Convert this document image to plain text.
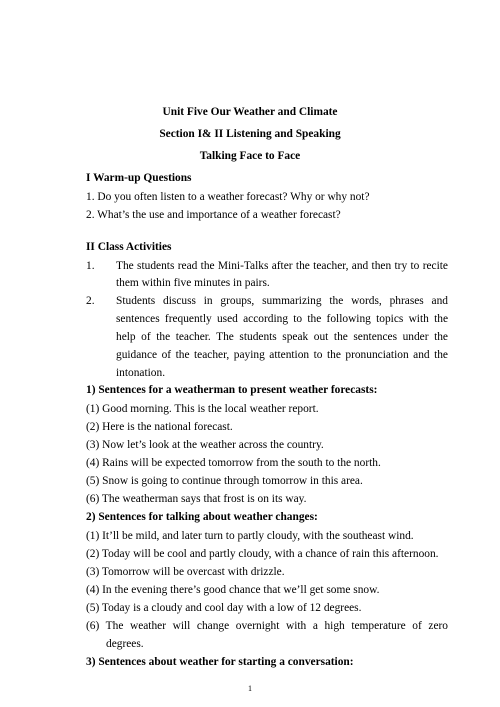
Unit Five Our Weather and Climate
Section I& II Listening and Speaking
Talking Face to Face
I Warm-up Questions
1. Do you often listen to a weather forecast? Why or why not?
2. What’s the use and importance of a weather forecast?
II Class Activities
1. The students read the Mini-Talks after the teacher, and then try to recite
them within five minutes in pairs.
2. Students discuss in groups, summarizing the words, phrases and
sentences frequently used according to the following topics with the
help of the teacher. The students speak out the sentences under the
guidance of the teacher, paying attention to the pronunciation and the
intonation.
1) Sentences for a weatherman to present weather forecasts:
(1) Good morning. This is the local weather report.
(2) Here is the national forecast.
(3) Now let’s look at the weather across the country.
(4) Rains will be expected tomorrow from the south to the north.
(5) Snow is going to continue through tomorrow in this area.
(6) The weatherman says that frost is on its way.
2) Sentences for talking about weather changes:
(1) It’ll be mild, and later turn to partly cloudy, with the southeast wind.
(2) Today will be cool and partly cloudy, with a chance of rain this afternoon.
(3) Tomorrow will be overcast with drizzle.
(4) In the evening there’s good chance that we’ll get some snow.
(5) Today is a cloudy and cool day with a low of 12 degrees.
(6) The weather will change overnight with a high temperature of zero
degrees.
3) Sentences about weather for starting a conversation:
1
